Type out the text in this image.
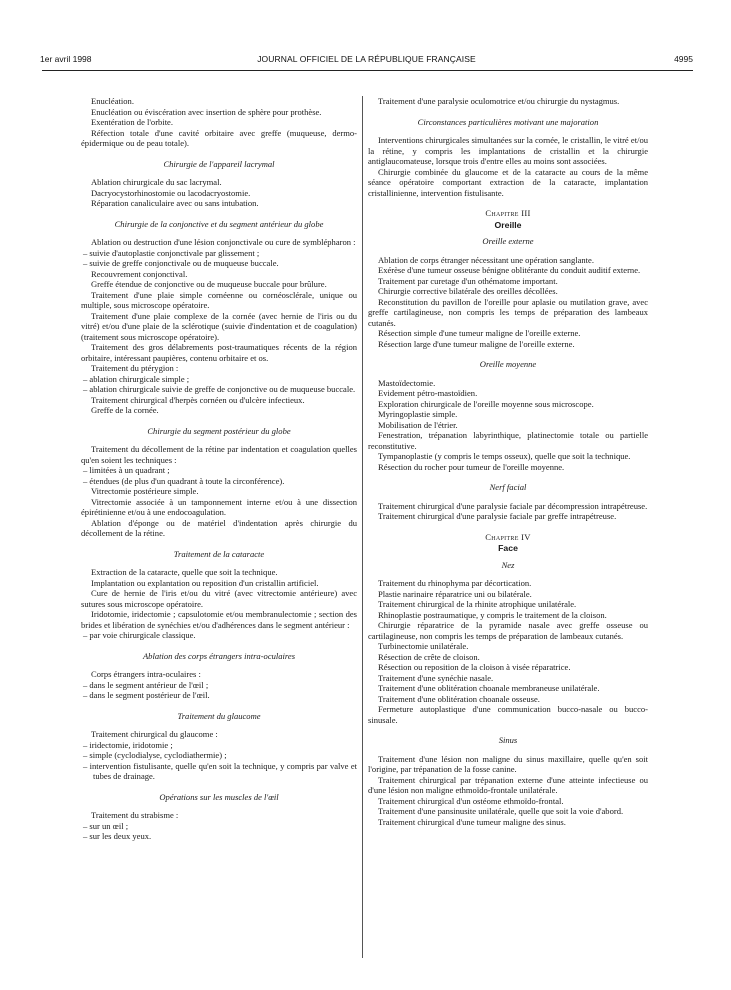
1er avril 1998	JOURNAL OFFICIEL DE LA RÉPUBLIQUE FRANÇAISE	4995

Enucléation.

Enucléation ou éviscération avec insertion de sphère pour prothèse.

Exentération de l'orbite.

Réfection totale d'une cavité orbitaire avec greffe (muqueuse, dermo-épidermique ou de peau totale).

Chirurgie de l'appareil lacrymal

Ablation chirurgicale du sac lacrymal.

Dacryocystorhinostomie ou lacodacryostomie.

Réparation canaliculaire avec ou sans intubation.

Chirurgie de la conjonctive et du segment antérieur du globe

Ablation ou destruction d'une lésion conjonctivale ou cure de symblépharon :

– suivie d'autoplastie conjonctivale par glissement ;

– suivie de greffe conjonctivale ou de muqueuse buccale.

Recouvrement conjonctival.

Greffe étendue de conjonctive ou de muqueuse buccale pour brûlure.

Traitement d'une plaie simple cornéenne ou cornéosclérale, unique ou multiple, sous microscope opératoire.

Traitement d'une plaie complexe de la cornée (avec hernie de l'iris ou du vitré) et/ou d'une plaie de la sclérotique (suivie d'indentation et de coagulation) (traitement sous microscope opératoire).

Traitement des gros délabrements post-traumatiques récents de la région orbitaire, intéressant paupières, contenu orbitaire et os.

Traitement du ptérygion :

– ablation chirurgicale simple ;

– ablation chirurgicale suivie de greffe de conjonctive ou de muqueuse buccale.

Traitement chirurgical d'herpès cornéen ou d'ulcère infectieux.

Greffe de la cornée.

Chirurgie du segment postérieur du globe

Traitement du décollement de la rétine par indentation et coagulation quelles qu'en soient les techniques :

– limitées à un quadrant ;

– étendues (de plus d'un quadrant à toute la circonférence).

Vitrectomie postérieure simple.

Vitrectomie associée à un tamponnement interne et/ou à une dissection épirétinienne et/ou à une endocoagulation.

Ablation d'éponge ou de matériel d'indentation après chirurgie du décollement de la rétine.

Traitement de la cataracte

Extraction de la cataracte, quelle que soit la technique.

Implantation ou explantation ou reposition d'un cristallin artificiel.

Cure de hernie de l'iris et/ou du vitré (avec vitrectomie antérieure) avec sutures sous microscope opératoire.

Iridotomie, iridectomie ; capsulotomie et/ou membranulectomie ; section des brides et libération de synéchies et/ou d'adhérences dans le segment antérieur :

– par voie chirurgicale classique.

Ablation des corps étrangers intra-oculaires

Corps étrangers intra-oculaires :

– dans le segment antérieur de l'œil ;

– dans le segment postérieur de l'œil.

Traitement du glaucome

Traitement chirurgical du glaucome :

– iridectomie, iridotomie ;

– simple (cyclodialyse, cyclodiathermie) ;

– intervention fistulisante, quelle qu'en soit la technique, y compris par valve et tubes de drainage.

Opérations sur les muscles de l'œil

Traitement du strabisme :

– sur un œil ;

– sur les deux yeux.

Traitement d'une paralysie oculomotrice et/ou chirurgie du nystagmus.

Circonstances particulières motivant une majoration

Interventions chirurgicales simultanées sur la cornée, le cristallin, le vitré et/ou la rétine, y compris les implantations de cristallin et la chirurgie antiglaucomateuse, lorsque trois d'entre elles au moins sont associées.

Chirurgie combinée du glaucome et de la cataracte au cours de la même séance opératoire comportant extraction de la cataracte, implantation cristallinienne, intervention fistulisante.

Chapitre III
Oreille
Oreille externe

Ablation de corps étranger nécessitant une opération sanglante.

Exérèse d'une tumeur osseuse bénigne oblitérante du conduit auditif externe.

Traitement par curetage d'un othématome important.

Chirurgie corrective bilatérale des oreilles décollées.

Reconstitution du pavillon de l'oreille pour aplasie ou mutilation grave, avec greffe cartilagineuse, non compris les temps de préparation des lambeaux cutanés.

Résection simple d'une tumeur maligne de l'oreille externe.

Résection large d'une tumeur maligne de l'oreille externe.

Oreille moyenne

Mastoïdectomie.

Evidement pétro-mastoïdien.

Exploration chirurgicale de l'oreille moyenne sous microscope.

Myringoplastie simple.

Mobilisation de l'étrier.

Fenestration, trépanation labyrinthique, platinectomie totale ou partielle reconstitutive.

Tympanoplastie (y compris le temps osseux), quelle que soit la technique.

Résection du rocher pour tumeur de l'oreille moyenne.

Nerf facial

Traitement chirurgical d'une paralysie faciale par décompression intrapétreuse.

Traitement chirurgical d'une paralysie faciale par greffe intrapétreuse.

Chapitre IV
Face
Nez

Traitement du rhinophyma par décortication.

Plastie narinaire réparatrice uni ou bilatérale.

Traitement chirurgical de la rhinite atrophique unilatérale.

Rhinoplastie postraumatique, y compris le traitement de la cloison.

Chirurgie réparatrice de la pyramide nasale avec greffe osseuse ou cartilagineuse, non compris les temps de préparation de lambeaux cutanés.

Turbinectomie unilatérale.

Résection de crête de cloison.

Résection ou reposition de la cloison à visée réparatrice.

Traitement d'une synéchie nasale.

Traitement d'une oblitération choanale membraneuse unilatérale.

Traitement d'une oblitération choanale osseuse.

Fermeture autoplastique d'une communication bucco-nasale ou bucco-sinusale.

Sinus

Traitement d'une lésion non maligne du sinus maxillaire, quelle qu'en soit l'origine, par trépanation de la fosse canine.

Traitement chirurgical par trépanation externe d'une atteinte infectieuse ou d'une lésion non maligne ethmoïdo-frontale unilatérale.

Traitement chirurgical d'un ostéome ethmoïdo-frontal.

Traitement d'une pansinusite unilatérale, quelle que soit la voie d'abord.

Traitement chirurgical d'une tumeur maligne des sinus.
